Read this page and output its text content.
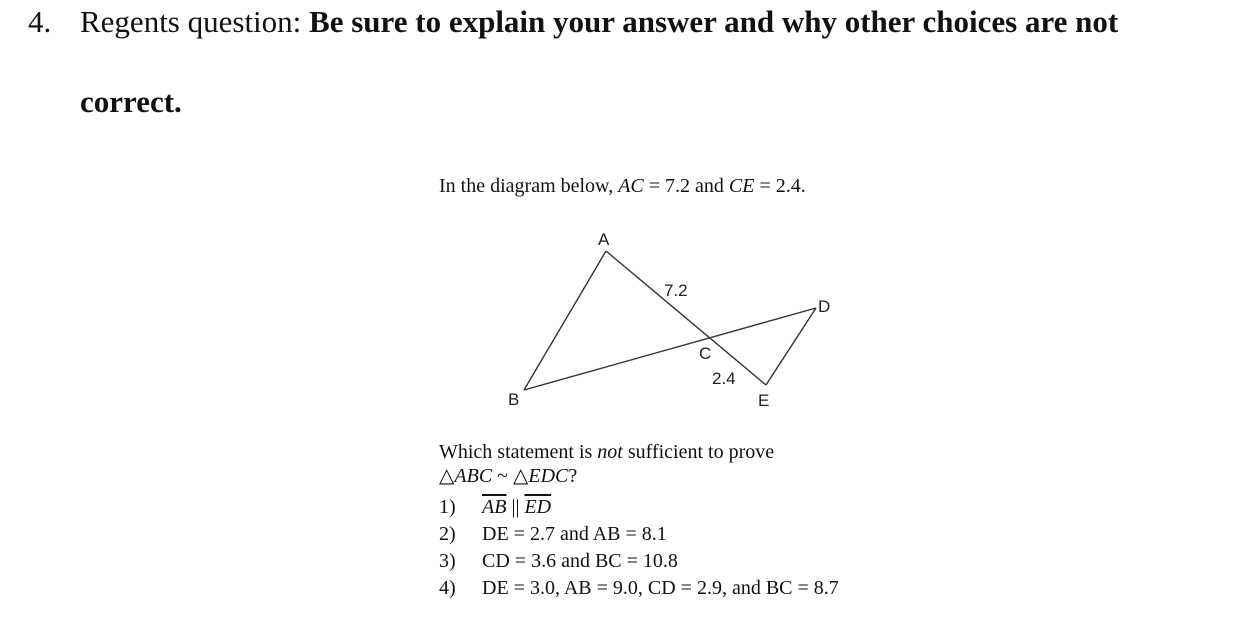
4. Regents question: Be sure to explain your answer and why other choices are not
correct.
In the diagram below, AC = 7.2 and CE = 2.4.
A
B
C
D
E
7.2
2.4
Which statement is not sufficient to prove
△ABC ~ △EDC?
1) $\overline{AB}$ || $\overline{ED}$
2) DE = 2.7 and AB = 8.1
3) CD = 3.6 and BC = 10.8
4) DE = 3.0, AB = 9.0, CD = 2.9, and BC = 8.7
